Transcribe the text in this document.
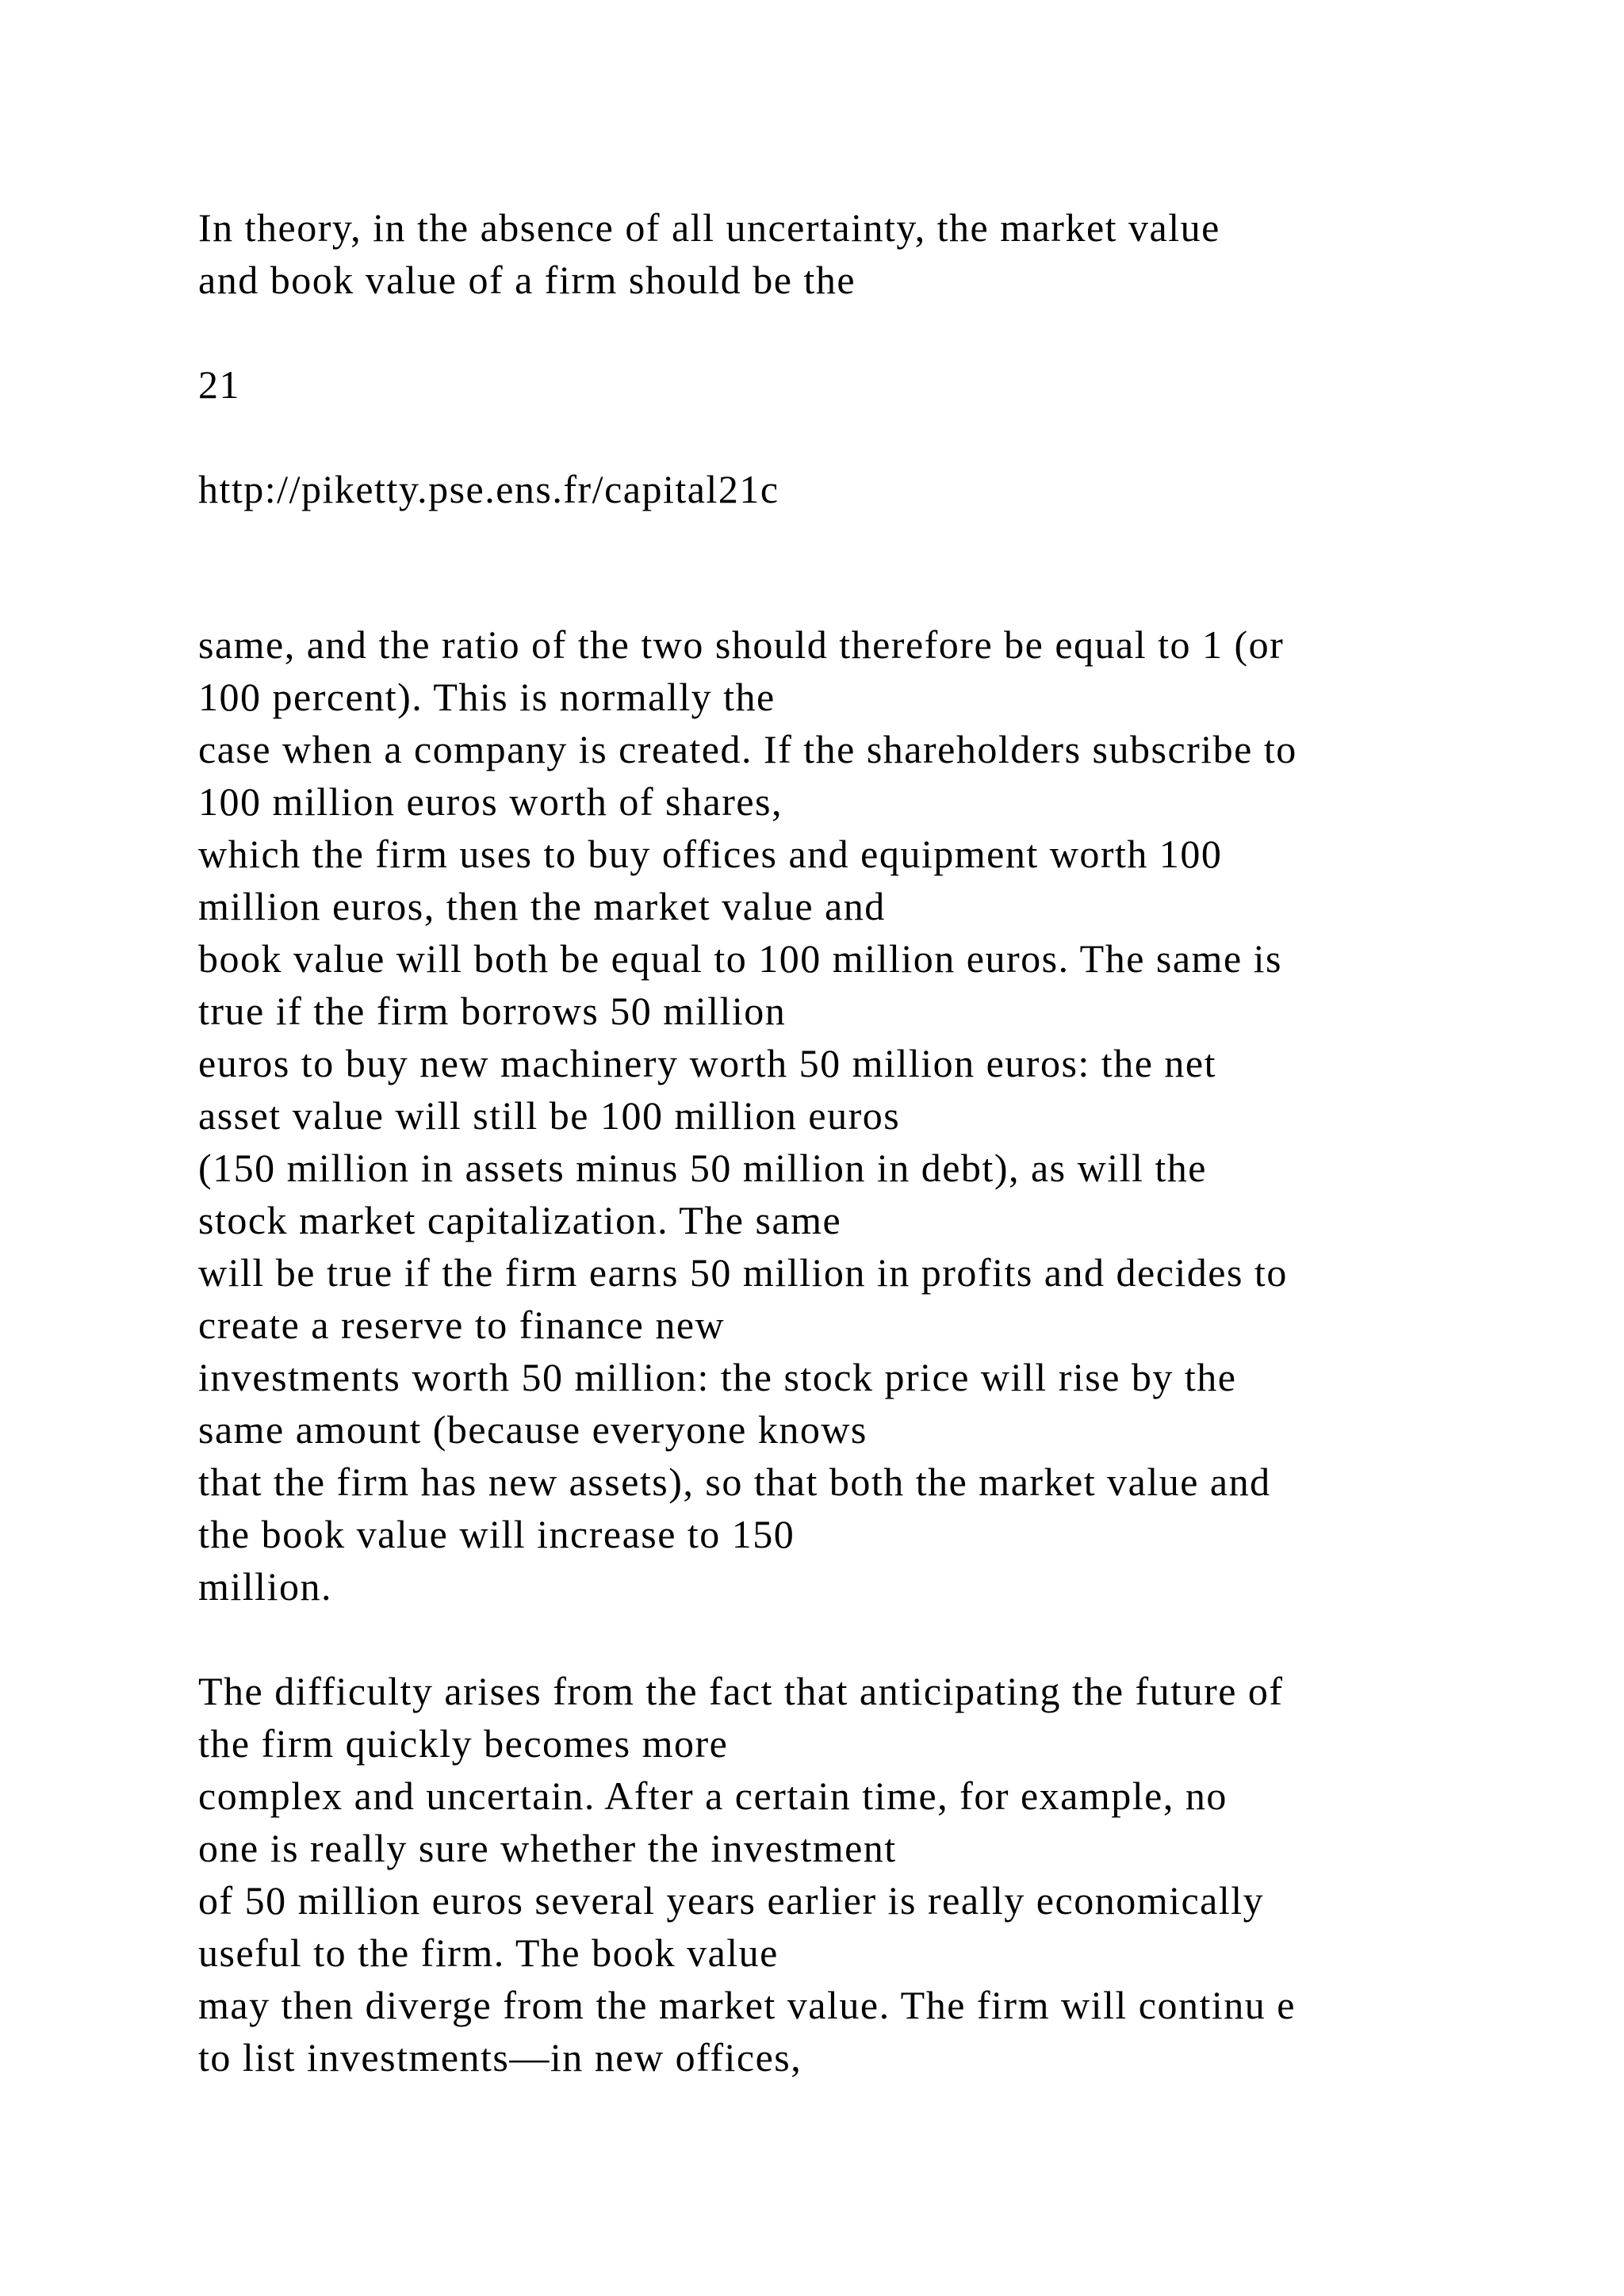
In theory, in the absence of all uncertainty, the market value

and book value of a firm should be the

21

http://piketty.pse.ens.fr/capital21c

same, and the ratio of the two should therefore be equal to 1 (or

100 percent). This is normally the

case when a company is created. If the shareholders subscribe to

100 million euros worth of shares,

which the firm uses to buy offices and equipment worth 100

million euros, then the market value and

book value will both be equal to 100 million euros. The same is

true if the firm borrows 50 million

euros to buy new machinery worth 50 million euros: the net

asset value will still be 100 million euros

(150 million in assets minus 50 million in debt), as will the

stock market capitalization. The same

will be true if the firm earns 50 million in profits and decides to

create a reserve to finance new

investments worth 50 million: the stock price will rise by the

same amount (because everyone knows

that the firm has new assets), so that both the market value and

the book value will increase to 150

million.

The difficulty arises from the fact that anticipating the future of

the firm quickly becomes more

complex and uncertain. After a certain time, for example, no

one is really sure whether the investment

of 50 million euros several years earlier is really economically

useful to the firm. The book value

may then diverge from the market value. The firm will continu e

to list investments—in new offices,
